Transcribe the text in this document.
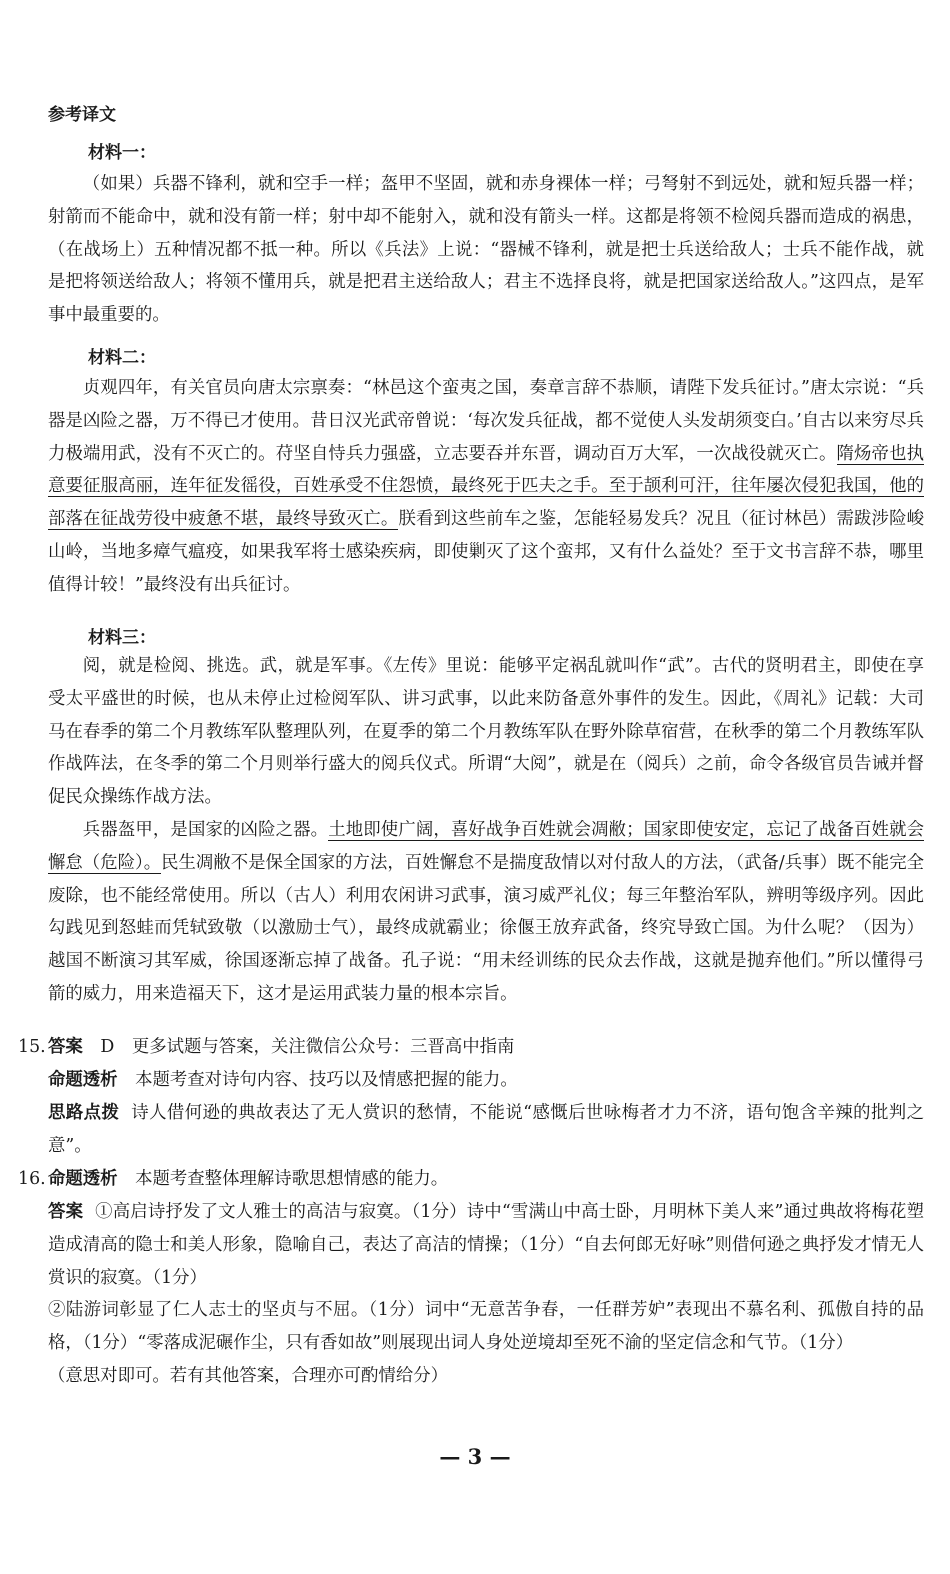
参考译文
材料一：

（如果）兵器不锋利，就和空手一样；盔甲不坚固，就和赤身裸体一样；弓弩射不到远处，就和短兵器一样；射箭而不能命中，就和没有箭一样；射中却不能射入，就和没有箭头一样。这都是将领不检阅兵器而造成的祸患，（在战场上）五种情况都不抵一种。所以《兵法》上说：“器械不锋利，就是把士兵送给敌人；士兵不能作战，就是把将领送给敌人；将领不懂用兵，就是把君主送给敌人；君主不选择良将，就是把国家送给敌人。”这四点，是军事中最重要的。

材料二：

贞观四年，有关官员向唐太宗禀奏：“林邑这个蛮夷之国，奏章言辞不恭顺，请陛下发兵征讨。”唐太宗说：“兵器是凶险之器，万不得已才使用。昔日汉光武帝曾说：‘每次发兵征战，都不觉使人头发胡须变白。’自古以来穷尽兵力极端用武，没有不灭亡的。苻坚自恃兵力强盛，立志要吞并东晋，调动百万大军，一次战役就灭亡。隋炀帝也执意要征服高丽，连年征发徭役，百姓承受不住怨愤，最终死于匹夫之手。至于颉利可汗，往年屡次侵犯我国，他的部落在征战劳役中疲惫不堪，最终导致灭亡。朕看到这些前车之鉴，怎能轻易发兵？况且（征讨林邑）需跋涉险峻山岭，当地多瘴气瘟疫，如果我军将士感染疾病，即使剿灭了这个蛮邦，又有什么益处？至于文书言辞不恭，哪里值得计较！”最终没有出兵征讨。

材料三：

阅，就是检阅、挑选。武，就是军事。《左传》里说：能够平定祸乱就叫作“武”。古代的贤明君主，即使在享受太平盛世的时候，也从未停止过检阅军队、讲习武事，以此来防备意外事件的发生。因此，《周礼》记载：大司马在春季的第二个月教练军队整理队列，在夏季的第二个月教练军队在野外除草宿营，在秋季的第二个月教练军队作战阵法，在冬季的第二个月则举行盛大的阅兵仪式。所谓“大阅”，就是在（阅兵）之前，命令各级官员告诫并督促民众操练作战方法。

兵器盔甲，是国家的凶险之器。土地即使广阔，喜好战争百姓就会凋敝；国家即使安定，忘记了战备百姓就会懈怠（危险）。民生凋敝不是保全国家的方法，百姓懈怠不是揣度敌情以对付敌人的方法，（武备/兵事）既不能完全废除，也不能经常使用。所以（古人）利用农闲讲习武事，演习威严礼仪；每三年整治军队，辨明等级序列。因此勾践见到怒蛙而凭轼致敬（以激励士气），最终成就霸业；徐偃王放弃武备，终究导致亡国。为什么呢？（因为）越国不断演习其军威，徐国逐渐忘掉了战备。孔子说：“用未经训练的民众去作战，这就是抛弃他们。”所以懂得弓箭的威力，用来造福天下，这才是运用武装力量的根本宗旨。

15. 答案 D 更多试题与答案，关注微信公众号：三晋高中指南
命题透析 本题考查对诗句内容、技巧以及情感把握的能力。

思路点拨 诗人借何逊的典故表达了无人赏识的愁情，不能说“感慨后世咏梅者才力不济，语句饱含辛辣的批判之意”。

16. 命题透析 本题考查整体理解诗歌思想情感的能力。

答案 ①高启诗抒发了文人雅士的高洁与寂寞。（1分）诗中“雪满山中高士卧，月明林下美人来”通过典故将梅花塑造成清高的隐士和美人形象，隐喻自己，表达了高洁的情操；（1分）“自去何郎无好咏”则借何逊之典抒发才情无人赏识的寂寞。（1分）

②陆游词彰显了仁人志士的坚贞与不屈。（1分）词中“无意苦争春，一任群芳妒”表现出不慕名利、孤傲自持的品格，（1分）“零落成泥碾作尘，只有香如故”则展现出词人身处逆境却至死不渝的坚定信念和气节。（1分）

（意思对即可。若有其他答案，合理亦可酌情给分）

— 3 —
